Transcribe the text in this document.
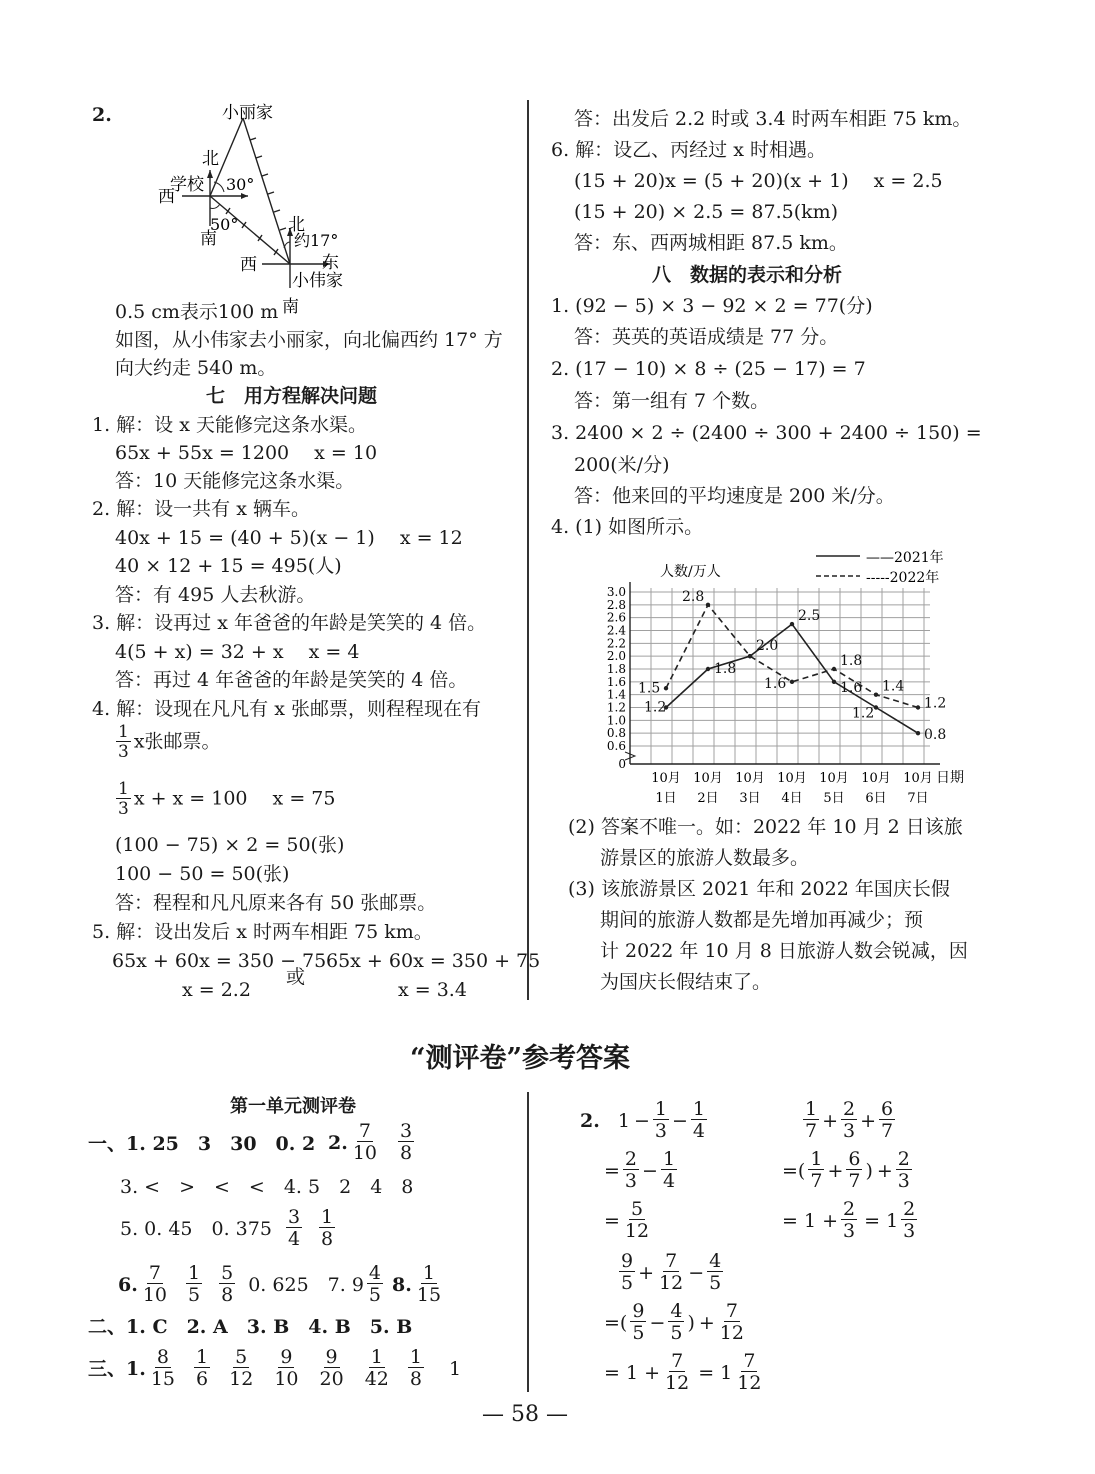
2.	小丽家
北
学校 30°
西
50°
南
北
约17°
西	东
小伟家
南
0.5 cm表示100 m
如图，从小伟家去小丽家，向北偏西约 17° 方
向大约走 540 m。
七　用方程解决问题
1. 解：设 x 天能修完这条水渠。
65x + 55x = 1200　 x = 10
答：10 天能修完这条水渠。
2. 解：设一共有 x 辆车。
40x + 15 = (40 + 5)(x − 1)　 x = 12
40 × 12 + 15 = 495(人)
答：有 495 人去秋游。
3. 解：设再过 x 年爸爸的年龄是笑笑的 4 倍。
4(5 + x) = 32 + x　 x = 4
答：再过 4 年爸爸的年龄是笑笑的 4 倍。
4. 解：设现在凡凡有 x 张邮票，则程程现在有
$\frac{1}{3}$ x张邮票。
$\frac{1}{3}$ x + x = 100　 x = 75
(100 − 75) × 2 = 50(张)
100 − 50 = 50(张)
答：程程和凡凡原来各有 50 张邮票。
5. 解：设出发后 x 时两车相距 75 km。
65x + 60x = 350 − 75
或
65x + 60x = 350 + 75
x = 2.2	x = 3.4
答：出发后 2.2 时或 3.4 时两车相距 75 km。
6. 解：设乙、丙经过 x 时相遇。
(15 + 20)x = (5 + 20)(x + 1)　 x = 2.5
(15 + 20) × 2.5 = 87.5(km)
答：东、西两城相距 87.5 km。
八　数据的表示和分析
1. (92 − 5) × 3 − 92 × 2 = 77(分)
答：英英的英语成绩是 77 分。
2. (17 − 10) × 8 ÷ (25 − 17) = 7
答：第一组有 7 个数。
3. 2400 × 2 ÷ (2400 ÷ 300 + 2400 ÷ 150) =
200(米/分)
答：他来回的平均速度是 200 米/分。
4. (1) 如图所示。
0
0.6
0.8
1.0
1.2
1.4
1.6
1.8
2.0
2.2
2.4
2.6
2.8
3.0
10月
1日
10月
2日
10月
3日
10月
4日
10月
5日
10月
6日
10月
7日
1.2
1.8
2.0
2.5
1.6
1.2
0.8
1.5
2.8
1.6
1.8
1.4
1.2
人数/万人
日期
——2021年
-----2022年
(2) 答案不唯一。如：2022 年 10 月 2 日该旅
游景区的旅游人数最多。
(3) 该旅游景区 2021 年和 2022 年国庆长假
期间的旅游人数都是先增加再减少；预
计 2022 年 10 月 8 日旅游人数会锐减，因
为国庆长假结束了。
“测评卷”参考答案
第一单元测评卷
一、1. 25　3　30　0. 2 2. $\frac{7}{10} \frac{3}{8}$
3. <　>　<　<　4. 5　2　4　8
5. 0. 45　0. $375 \frac{3}{4} \frac{1}{8}$
6. $\frac{7}{10} \frac{1}{5} \frac{5}{8} 0$. 625　7. $9 \frac{4}{5} 8$. $\frac{1}{15}$
二、1. C　2. A　3. B　4. B　5. B
三、1. $\frac{8}{15} \frac{1}{6} \frac{5}{12} \frac{9}{10} \frac{9}{20} \frac{1}{42} \frac{1}{8} 1$
2. $1 - \frac{1}{3} - \frac{1}{4}$
= $\frac{2}{3} - \frac{1}{4}$
= $\frac{5}{12}$
$\frac{9}{5} + \frac{7}{12} - \frac{4}{5}$
= ( $\frac{9}{5} - \frac{4}{5}$ ) + $\frac{7}{12}$
= $1 + \frac{7}{12} = 1 \frac{7}{12}$
$\frac{1}{7} + \frac{2}{3} + \frac{6}{7}$
= ( $\frac{1}{7} + \frac{6}{7}$ ) + $\frac{2}{3}$
= $1 + \frac{2}{3} = 1 \frac{2}{3}$
— 58 —
